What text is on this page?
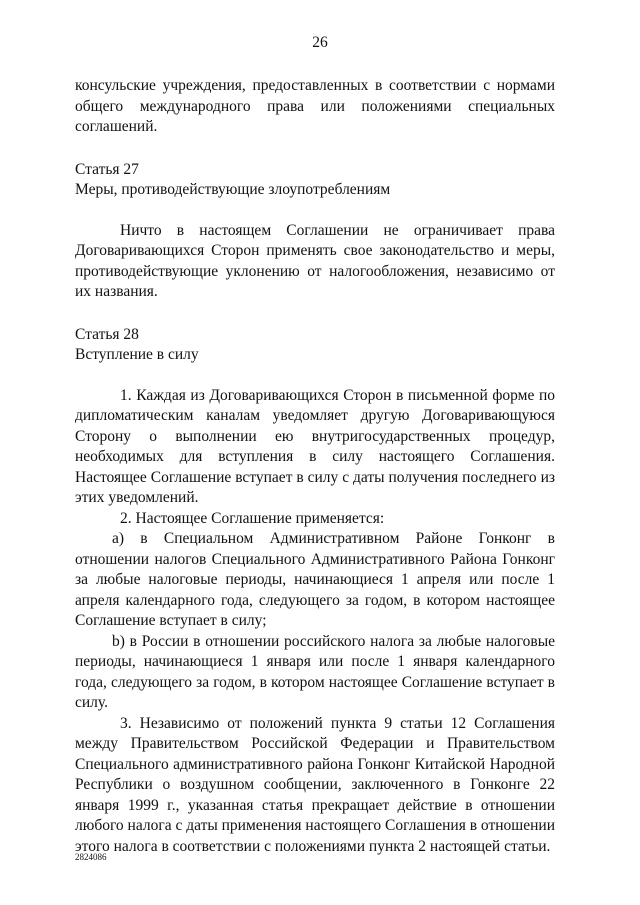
26

консульские учреждения, предоставленных в соответствии с нормами общего международного права или положениями специальных соглашений.

Статья 27

Меры, противодействующие злоупотреблениям

Ничто в настоящем Соглашении не ограничивает права Договаривающихся Сторон применять свое законодательство и меры, противодействующие уклонению от налогообложения, независимо от их названия.

Статья 28

Вступление в силу

1. Каждая из Договаривающихся Сторон в письменной форме по дипломатическим каналам уведомляет другую Договаривающуюся Сторону о выполнении ею внутригосударственных процедур, необходимых для вступления в силу настоящего Соглашения. Настоящее Соглашение вступает в силу с даты получения последнего из этих уведомлений.

2. Настоящее Соглашение применяется:

a) в Специальном Административном Районе Гонконг в отношении налогов Специального Административного Района Гонконг за любые налоговые периоды, начинающиеся 1 апреля или после 1 апреля календарного года, следующего за годом, в котором настоящее Соглашение вступает в силу;

b) в России в отношении российского налога за любые налоговые периоды, начинающиеся 1 января или после 1 января календарного года, следующего за годом, в котором настоящее Соглашение вступает в силу.

3. Независимо от положений пункта 9 статьи 12 Соглашения между Правительством Российской Федерации и Правительством Специального административного района Гонконг Китайской Народной Республики о воздушном сообщении, заключенного в Гонконге 22 января 1999 г., указанная статья прекращает действие в отношении любого налога с даты применения настоящего Соглашения в отношении этого налога в соответствии с положениями пункта 2 настоящей статьи.

2824086
